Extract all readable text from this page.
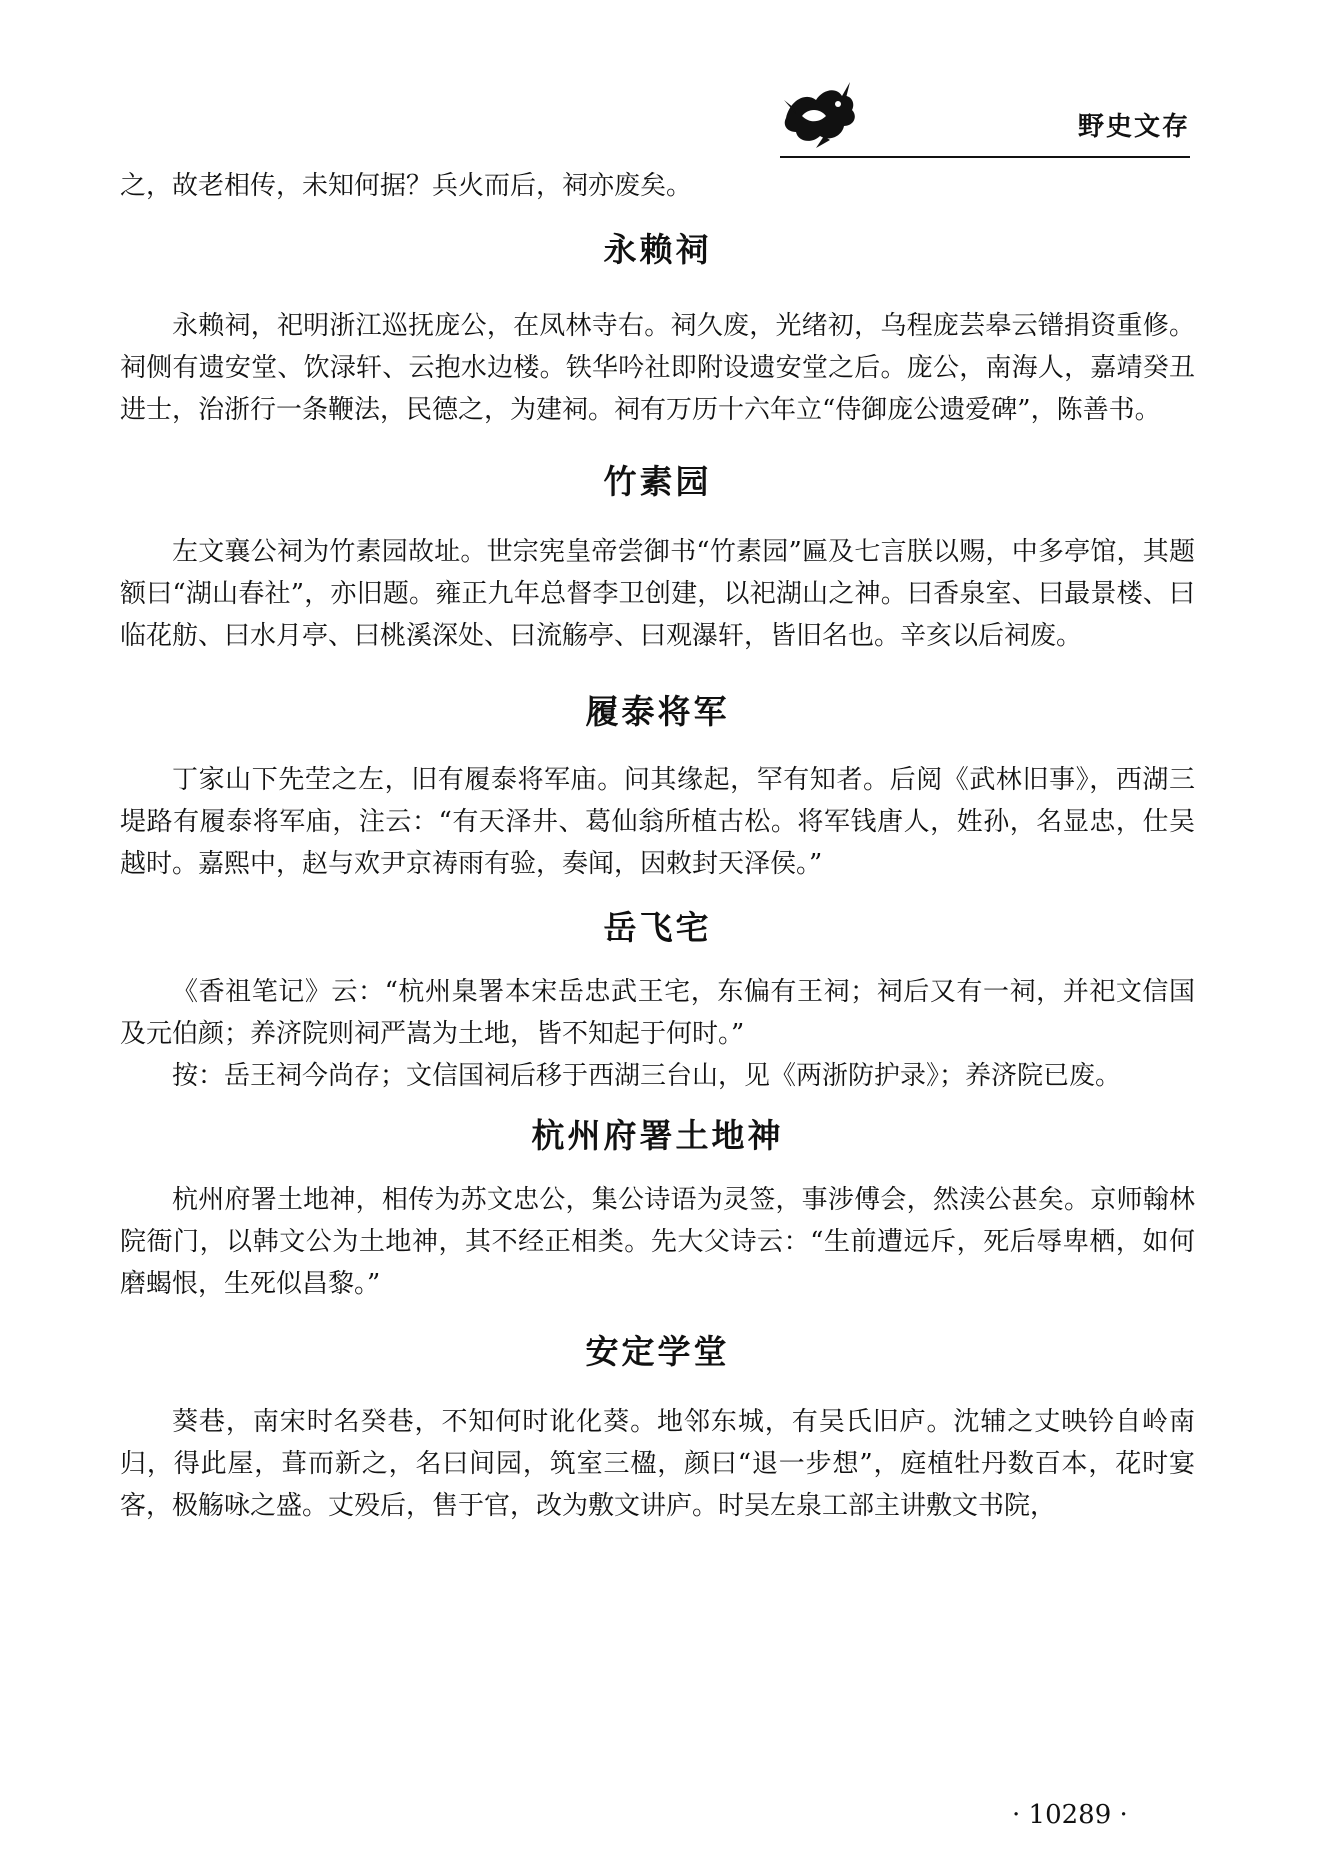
野史文存

之，故老相传，未知何据？兵火而后，祠亦废矣。

永赖祠

永赖祠，祀明浙江巡抚庞公，在凤林寺右。祠久废，光绪初，乌程庞芸皋云镨捐资重修。祠侧有遗安堂、饮渌轩、云抱水边楼。铁华吟社即附设遗安堂之后。庞公，南海人，嘉靖癸丑进士，治浙行一条鞭法，民德之，为建祠。祠有万历十六年立“侍御庞公遗爱碑”，陈善书。

竹素园

左文襄公祠为竹素园故址。世宗宪皇帝尝御书“竹素园”匾及七言朕以赐，中多亭馆，其题额曰“湖山春社”，亦旧题。雍正九年总督李卫创建，以祀湖山之神。曰香泉室、曰最景楼、曰临花舫、曰水月亭、曰桃溪深处、曰流觞亭、曰观瀑轩，皆旧名也。辛亥以后祠废。

履泰将军

丁家山下先茔之左，旧有履泰将军庙。问其缘起，罕有知者。后阅《武林旧事》，西湖三堤路有履泰将军庙，注云：“有天泽井、葛仙翁所植古松。将军钱唐人，姓孙，名显忠，仕吴越时。嘉熙中，赵与欢尹京祷雨有验，奏闻，因敕封天泽侯。”

岳飞宅

《香祖笔记》云：“杭州臬署本宋岳忠武王宅，东偏有王祠；祠后又有一祠，并祀文信国及元伯颜；养济院则祠严嵩为土地，皆不知起于何时。”

按：岳王祠今尚存；文信国祠后移于西湖三台山，见《两浙防护录》；养济院已废。

杭州府署土地神

杭州府署土地神，相传为苏文忠公，集公诗语为灵签，事涉傅会，然渎公甚矣。京师翰林院衙门，以韩文公为土地神，其不经正相类。先大父诗云：“生前遭远斥，死后辱卑栖，如何磨蝎恨，生死似昌黎。”

安定学堂

葵巷，南宋时名癸巷，不知何时讹化葵。地邻东城，有吴氏旧庐。沈辅之丈映钤自岭南归，得此屋，葺而新之，名曰间园，筑室三楹，颜曰“退一步想”，庭植牡丹数百本，花时宴客，极觞咏之盛。丈殁后，售于官，改为敷文讲庐。时吴左泉工部主讲敷文书院，

· 10289 ·
